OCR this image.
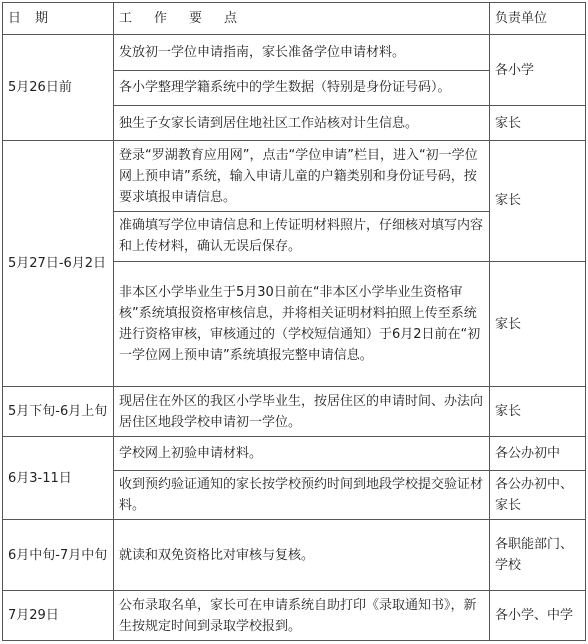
日期	工作要点	负责单位
5月26日前	发放初一学位申请指南，家长准备学位申请材料。	各小学
	各小学整理学籍系统中的学生数据（特别是身份证号码）。	
	独生子女家长请到居住地社区工作站核对计生信息。	家长
5月27日-6月2日	登录“罗湖教育应用网”，点击“学位申请”栏目，进入“初一学位网上预申请”系统，输入申请儿童的户籍类别和身份证号码，按要求填报申请信息。	家长
	准确填写学位申请信息和上传证明材料照片，仔细核对填写内容和上传材料，确认无误后保存。	
	非本区小学毕业生于5月30日前在“非本区小学毕业生资格审核”系统填报资格审核信息，并将相关证明材料拍照上传至系统进行资格审核，审核通过的（学校短信通知）于6月2日前在“初一学位网上预申请”系统填报完整申请信息。	家长
5月下旬-6月上旬	现居住在外区的我区小学毕业生，按居住区的申请时间、办法向居住区地段学校申请初一学位。	家长
6月3-11日	学校网上初验申请材料。	各公办初中
	收到预约验证通知的家长按学校预约时间到地段学校提交验证材料。	各公办初中、家长
6月中旬-7月中旬	就读和双免资格比对审核与复核。	各职能部门、学校
7月29日	公布录取名单，家长可在申请系统自助打印《录取通知书》，新生按规定时间到录取学校报到。	各小学、中学
